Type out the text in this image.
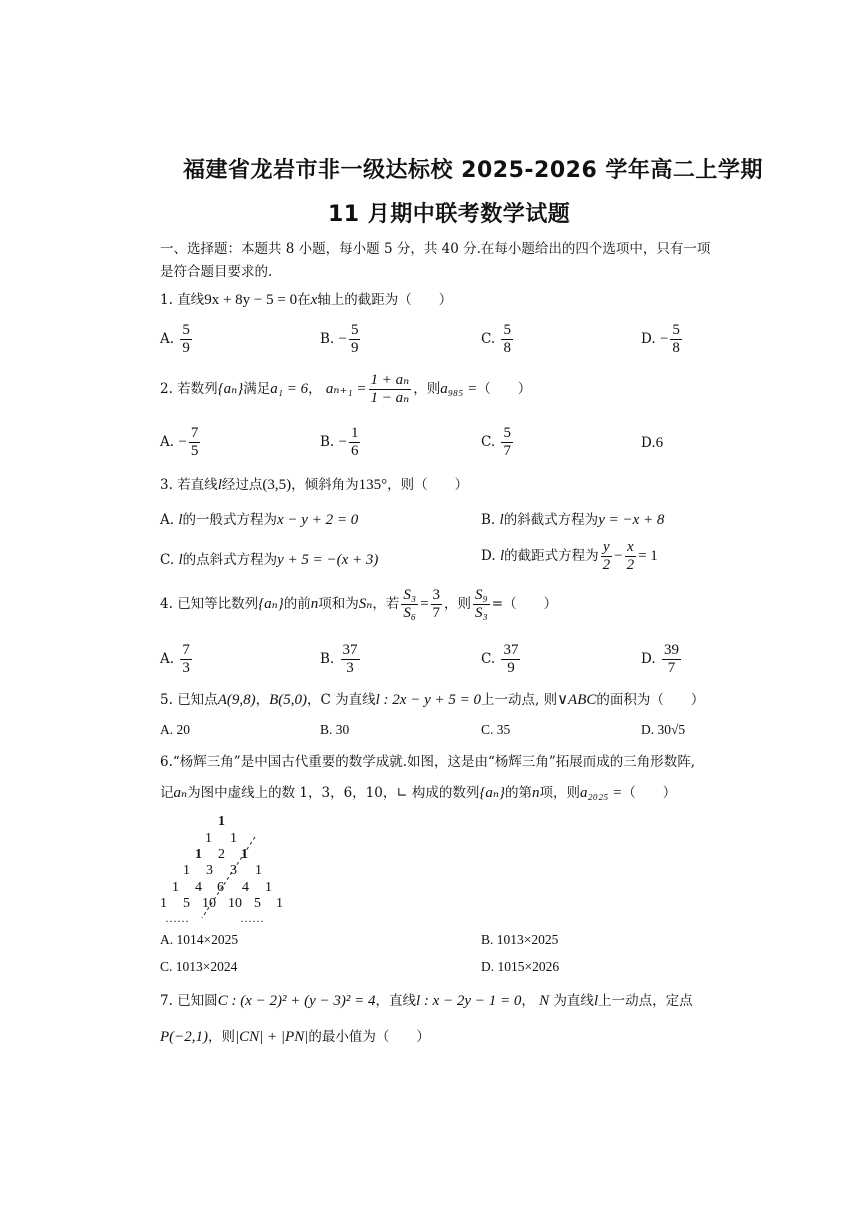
福建省龙岩市非一级达标校 2025-2026 学年高二上学期
11 月期中联考数学试题
一、选择题：本题共 8 小题，每小题 5 分，共 40 分.在每小题给出的四个选项中，只有一项
是符合题目要求的.
1. 直线9x + 8y − 5 = 0在x轴上的截距为（　　）
A. $\frac{5}{9}$	B. − $\frac{5}{9}$	C. $\frac{5}{8}$	D. − $\frac{5}{8}$
2. 若数列{aₙ}满足a₁ = 6， $a_{n+1} = \frac{\text{1 + aₙ}}{\text{1 − aₙ}}$ ，则a₉₈₅ =（　　）
A. − $\frac{7}{5}$	B. − $\frac{1}{6}$	C. $\frac{5}{7}$	D.6
3. 若直线l经过点(3,5)，倾斜角为135°，则（　　）
A. l的一般式方程为x − y + 2 = 0	B. l的斜截式方程为y = −x + 8
C. l的点斜式方程为y + 5 = −(x + 3)	D. l的截距式方程为 $\frac{y}{2} - \frac{x}{2} = 1$
4. 已知等比数列{aₙ}的前n项和为Sₙ，若 $\frac{\text{S₃}}{\text{S₆}} = \frac{3}{7}$ ，则 $\frac{\text{S₉}}{\text{S₃}}$ =（　　）
A. $\frac{7}{3}$	B. $\frac{37}{3}$	C. $\frac{37}{9}$	D. $\frac{39}{7}$
5. 已知点A(9,8)，B(5,0)，C 为直线l : 2x − y + 5 = 0上一动点, 则∨ABC的面积为（　　）
A. 20	B. 30	C. 35	D. 30√5
6.“杨辉三角”是中国古代重要的数学成就.如图，这是由“杨辉三角”拓展而成的三角形数阵,
记aₙ为图中虚线上的数 1，3，6，10，∟ 构成的数列{aₙ}的第n项，则a₂₀₂₅ =（　　）
1
1 1
1 2 1
1 3 3 1
1 4 6 4 1
1 5 10 10 5 1
……	……
A. 1014×2025	B. 1013×2025
C. 1013×2024	D. 1015×2026
7. 已知圆C : (x − 2)² + (y − 3)² = 4，直线l : x − 2y − 1 = 0， N 为直线l上一动点，定点
P(−2,1)，则|CN| + |PN|的最小值为（　　）
